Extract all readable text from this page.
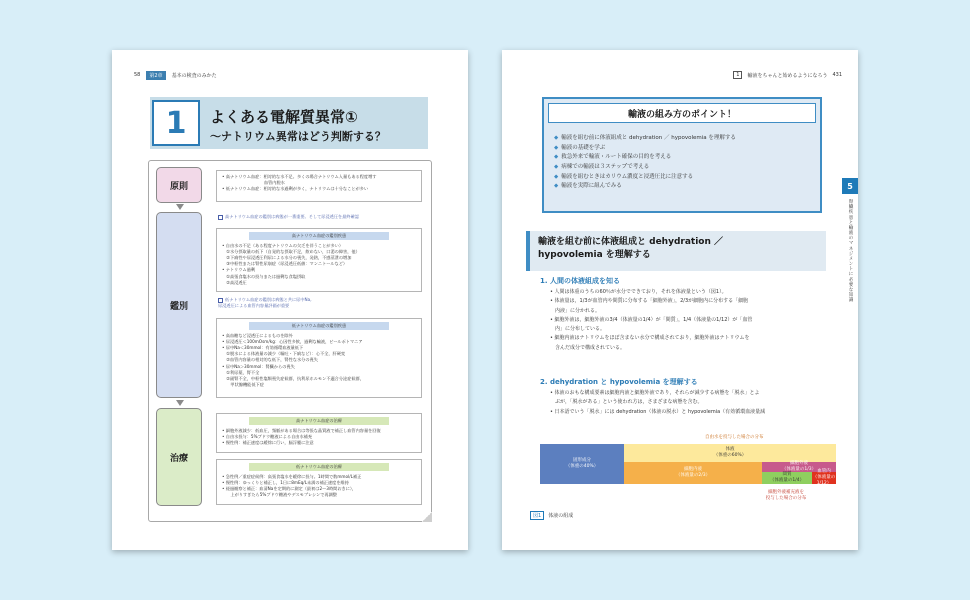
58	第2章	基本の検査のみかた
1	よくある電解質異常①
〜ナトリウム異常はどう判断する？
原則
鑑別
治療

• 高ナトリウム血症：相対的な水不足。多くの場合ナトリウム入量もある程度増す

　　　　　　　　　　血管内脱水

• 低ナトリウム血症：相対的な水過剰が多く，ナトリウムは十分なことが多い

高ナトリウム血症の鑑別は病態が一番重要。そして尿浸透圧を最終確認
高ナトリウム血症の鑑別疾患

• 自由水の不足（ある程度ナトリウムの欠乏を伴うことが多い）

　①水分摂取量の低下（自発的な摂取不足，飲めない，口渇の障害，他）

　②下痢性や尿浸透圧利尿による水分の喪失，発熱，不感蒸泄の増加

　③中枢性または腎性尿崩症（尿浸透圧低値：マンニトールなど）

• ナトリウム過剰

　①高張食塩水の投与または過剰な食塩摂取

　②高浸透圧

低ナトリウム血症の鑑別は病態と共に尿中Na,

尿浸透圧による血管内容量評価が重要

低ナトリウム血症の鑑別疾患

• 高血糖など浸透圧によるものを除外

• 尿浸透圧＜100mOsm/kg：心因性多飲，過剰な輸液，ビールポトマニア

• 尿中Na＜30mmol：有効循環血液量低下

　①脱水による体液量の減少（嘔吐・下痢など）：心不全，肝硬変

　②血管内容量の相対的な低下，腎性な水分の喪失

• 尿中Na＞30mmol：腎臓からの喪失

　①利尿薬，腎不全

　②副腎不全，中枢性塩類喪失症候群，抗利尿ホルモン不適合分泌症候群，

　　甲状腺機能低下症

高ナトリウム血症の治療

• 細胞外液減少：低血圧，頻脈がある場合は等張な晶質液で補正し血管内容量を回復

• 自由水投与：5%ブドウ糖液による自由水補充

• 慢性例：補正速度は緩徐に行い，脳浮腫に注意

低ナトリウム血症の治療

• 急性例／重症症候例：高張食塩水を緩徐に投与。1時間で数mmol/L補正

• 慢性例：ゆっくりと補正し，1日に8mEq/L未満の補正速度を維持

• 経過観察と補正：血清Naを定期的に測定（最初は2〜3時間おきに），

　　上がりすぎたら5%ブドウ糖液やデスモプレシンで再調整

1	輸液をちゃんと始めるようになろう 431
5
腎
臓
疾
患
と
輸
液
の
マ
ネ
ジ
メ
ン
ト
に
必
要
な
知
識
輸液の組み方のポイント！

◆ 輸液を組む前に体液組成と dehydration ／ hypovolemia を理解する

◆ 輸液の基礎を学ぶ

◆ 救急外来で輸液・ルート確保の目的を考える

◆ 病棟での輸液は３ステップで考える

◆ 輸液を組むときはカリウム濃度と浸透圧比に注意する

◆ 輸液を実際に組んでみる

輸液を組む前に体液組成と dehydration ／

hypovolemia を理解する

1. 人間の体液組成を知る

• 人間は体重のうちの60％が水分でできており，それを体液量という（図1）。

• 体液量は，1/3が血管内や間質に分布する「細胞外液」，2/3が細胞内に分布する「細胞

　内液」に分かれる。

• 細胞外液は，細胞外液の3/4（体液量の1/4）が「間質」，1/4（体液量の1/12）が「血管

　内」に分布している。

• 細胞内液はナトリウムをほぼ含まない水分で構成されており，細胞外液はナトリウムを

　含んだ成分で構成されている。

2. dehydration と hypovolemia を理解する

• 体液のおもな構成要素は細胞内液と細胞外液であり，それらが減少する病態を「脱水」とよ

　ぶが，「脱水がある」という使われ方は，さまざまな病態を含む。

• 日本語でいう「脱水」には dehydration（体液の脱水）と hypovolemia（有効循環血液量減

自由水を投与した場合の分布
固形成分
（体重の40%）
体液
（体重の60%）
細胞内液
（体液量の2/3）
細胞外液
（体液量の1/3）
間質
（体液量の1/4）
血管内
（体液量の1/12）
細胞外液補充液を
投与した場合の分布
図1	体液の組成
